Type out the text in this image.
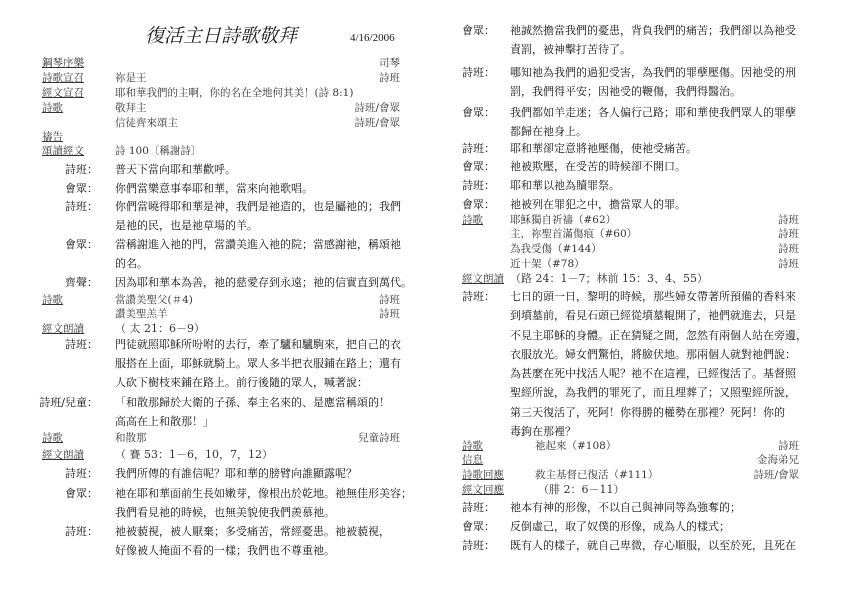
復活主日詩歌敬拜	4/16/2006
鋼琴序樂	司琴
詩歌宣召	祢是王	詩班
經文宣召	耶和華我們的主啊，你的名在全地何其美！(詩 8:1)
詩歌	敬拜主	詩班/會眾
信徒齊來頌主	詩班/會眾
禱告
頌讀經文	詩 100〔稱謝詩〕
詩班： 普天下當向耶和華歡呼。
會眾： 你們當樂意事奉耶和華，當來向祂歌唱。
詩班： 你們當曉得耶和華是神，我們是祂造的，也是屬祂的；我們
是祂的民，也是祂草場的羊。
會眾： 當稱謝進入祂的門，當讚美進入祂的院；當感謝祂，稱頌祂
的名。
齊聲： 因為耶和華本為善，祂的慈愛存到永遠；祂的信實直到萬代。
詩歌	當讚美聖父(＃4)	詩班
讚美聖羔羊	詩班
經文朗讀	（ 太 21：6－9）
詩班： 門徒就照耶穌所吩咐的去行，牽了驢和驢駒來，把自己的衣
服搭在上面，耶穌就騎上。眾人多半把衣服鋪在路上；還有
人砍下樹枝來鋪在路上。前行後隨的眾人，喊著說：
詩班/兒童： 「和散那歸於大衛的子孫、奉主名來的、是應當稱頌的！
高高在上和散那！」
詩歌	和散那	兒童詩班
經文朗讀	（ 賽 53：1－6，10，7，12）
詩班： 我們所傳的有誰信呢？耶和華的膀臂向誰顯露呢？
會眾： 祂在耶和華面前生長如嫩芽，像根出於乾地。祂無佳形美容；
我們看見祂的時候，也無美貌使我們羨慕祂。
詩班： 祂被藐視，被人厭棄；多受痛苦，常經憂患。祂被藐視，
好像被人掩面不看的一樣；我們也不尊重祂。
會眾： 祂誠然擔當我們的憂患，背負我們的痛苦；我們卻以為祂受
責罰，被神擊打苦待了。
詩班： 哪知祂為我們的過犯受害，為我們的罪孽壓傷。因祂受的刑
罰，我們得平安；因祂受的鞭傷，我們得醫治。
會眾： 我們都如羊走迷；各人偏行己路；耶和華使我們眾人的罪孽
都歸在祂身上。
詩班： 耶和華卻定意將祂壓傷，使祂受痛苦。
會眾： 祂被欺壓，在受苦的時候卻不開口。
詩班： 耶和華以祂為贖罪祭。
會眾： 祂被列在罪犯之中，擔當眾人的罪。
詩歌	耶穌獨自祈禱（#62）	詩班
主，祢聖首滿傷痕（#60）	詩班
為我受傷（#144）	詩班
近十架（#78）	詩班
經文朗讀 （路 24：1－7；林前 15：3、4、55）
詩班： 七日的頭一日，黎明的時候，那些婦女帶著所預備的香料來
到墳墓前，看見石頭已經從墳墓輥開了，祂們就進去，只是
不見主耶穌的身體。正在猜疑之間，忽然有兩個人站在旁邊，
衣服放光。婦女們驚怕，將臉伏地。那兩個人就對祂們說：
為甚麼在死中找活人呢？祂不在這裡，已經復活了。基督照
聖經所說，為我們的罪死了，而且埋葬了；又照聖經所說，
第三天復活了，死阿！你得勝的權勢在那裡？死阿！你的
毒鉤在那裡？
詩歌	祂起來（#108）	詩班
信息	金海弟兄
詩歌回應	救主基督已復活（#111）	詩班/會眾
經文回應	（腓 2：6－11）
詩班： 祂本有神的形像，不以自己與神同等為強奪的；
會眾： 反倒虛己，取了奴僕的形像，成為人的樣式；
詩班： 既有人的樣子，就自己卑微，存心順服，以至於死，且死在
